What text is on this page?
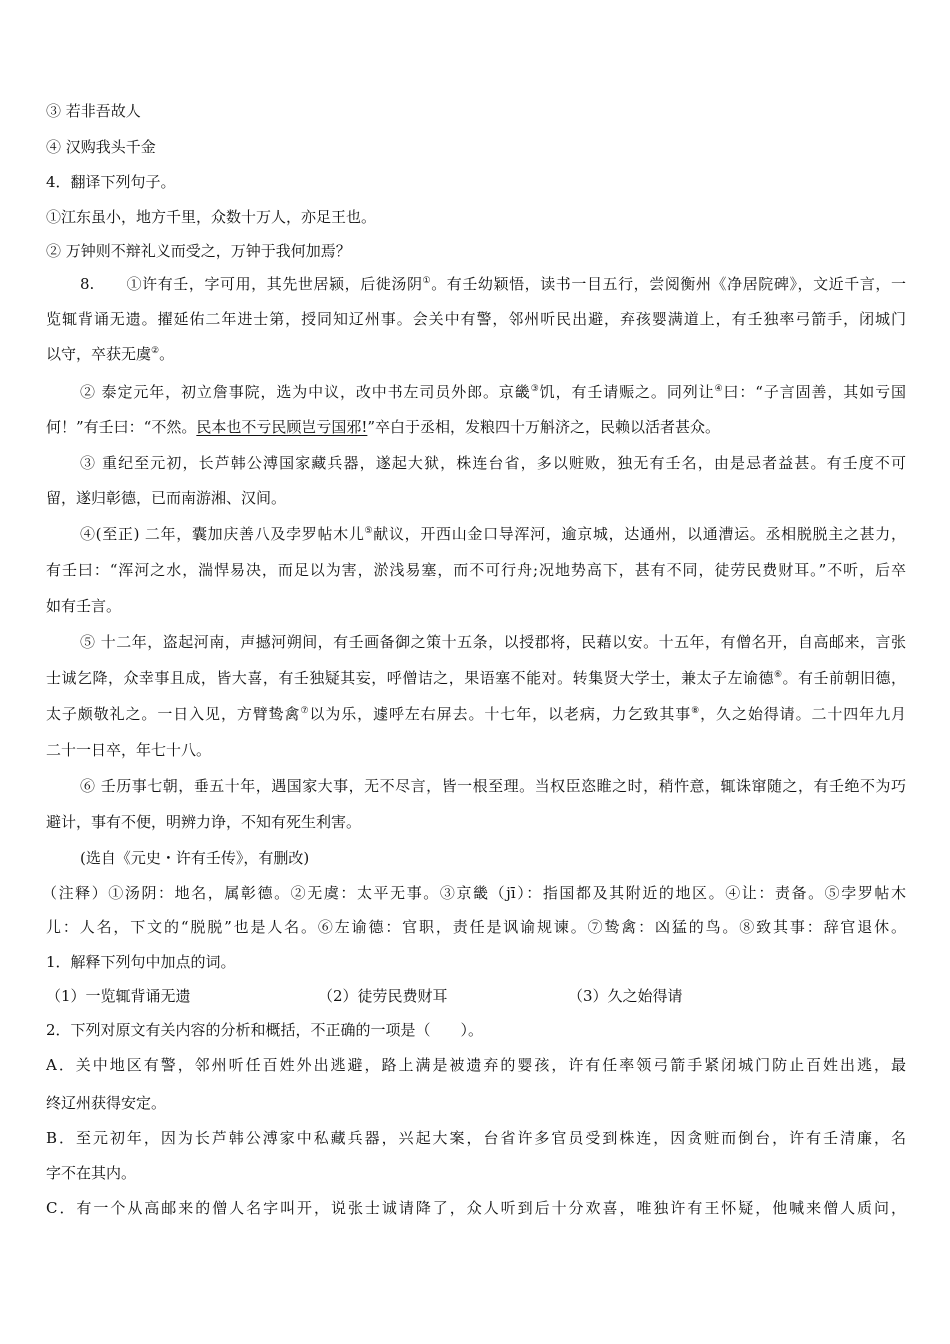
③ 若非吾故人
④ 汉购我头千金
4．翻译下列句子。
①江东虽小，地方千里，众数十万人，亦足王也。
② 万钟则不辩礼义而受之，万钟于我何加焉？
8. ①许有壬，字可用，其先世居颍，后徙汤阴①。有壬幼颖悟，读书一目五行，尝阅衡州《净居院碑》，文近千言，一
览辄背诵无遗。擢延佑二年进士第，授同知辽州事。会关中有警，邻州听民出避，弃孩婴满道上，有壬独率弓箭手，闭城门
以守，卒获无虞②。
② 泰定元年，初立詹事院，选为中议，改中书左司员外郎。京畿③饥，有壬请赈之。同列让④曰：“子言固善，其如亏国
何！”有壬曰：“不然。民本也不亏民顾岂亏国邪!”卒白于丞相，发粮四十万斛济之，民赖以活者甚众。
③ 重纪至元初，长芦韩公溥国家藏兵器，遂起大狱，株连台省，多以赃败，独无有壬名，由是忌者益甚。有壬度不可
留，遂归彰德，已而南游湘、汉间。
④(至正) 二年，囊加庆善八及孛罗帖木儿⑤献议，开西山金口导浑河，逾京城，达通州，以通漕运。丞相脱脱主之甚力，
有壬曰：“浑河之水，湍悍易决，而足以为害，淤浅易塞，而不可行舟;况地势高下，甚有不同，徒劳民费财耳。”不听，后卒
如有壬言。
⑤ 十二年，盗起河南，声撼河朔间，有壬画备御之策十五条，以授郡将，民藉以安。十五年，有僧名开，自高邮来，言张
士诚乞降，众幸事且成，皆大喜，有壬独疑其妄，呼僧诘之，果语塞不能对。转集贤大学士，兼太子左谕德⑥。有壬前朝旧德，
太子颇敬礼之。一日入见，方臂鸷禽⑦以为乐，遽呼左右屏去。十七年，以老病，力乞致其事⑧，久之始得请。二十四年九月
二十一日卒，年七十八。
⑥ 壬历事七朝，垂五十年，遇国家大事，无不尽言，皆一根至理。当权臣恣睢之时，稍忤意，辄诛窜随之，有壬绝不为巧
避计，事有不便，明辨力诤，不知有死生利害。
(选自《元史・许有壬传》，有删改)
（注释）①汤阴：地名，属彰德。②无虞：太平无事。③京畿（jī）：指国都及其附近的地区。④让：责备。⑤孛罗帖木
儿：人名，下文的“脱脱”也是人名。⑥左谕德：官职，责任是讽谕规谏。⑦鸷禽：凶猛的鸟。⑧致其事：辞官退休。
1．解释下列句中加点的词。
（1）一览辄背诵无遗	（2）徒劳民费财耳	（3）久之始得请
2．下列对原文有关内容的分析和概括，不正确的一项是（　　）。
A．关中地区有警，邻州听任百姓外出逃避，路上满是被遗弃的婴孩，许有任率领弓箭手紧闭城门防止百姓出逃，最
终辽州获得安定。
B．至元初年，因为长芦韩公溥家中私藏兵器，兴起大案，台省许多官员受到株连，因贪赃而倒台，许有壬清廉，名
字不在其内。
C．有一个从高邮来的僧人名字叫开，说张士诚请降了，众人听到后十分欢喜，唯独许有王怀疑，他喊来僧人质问，
